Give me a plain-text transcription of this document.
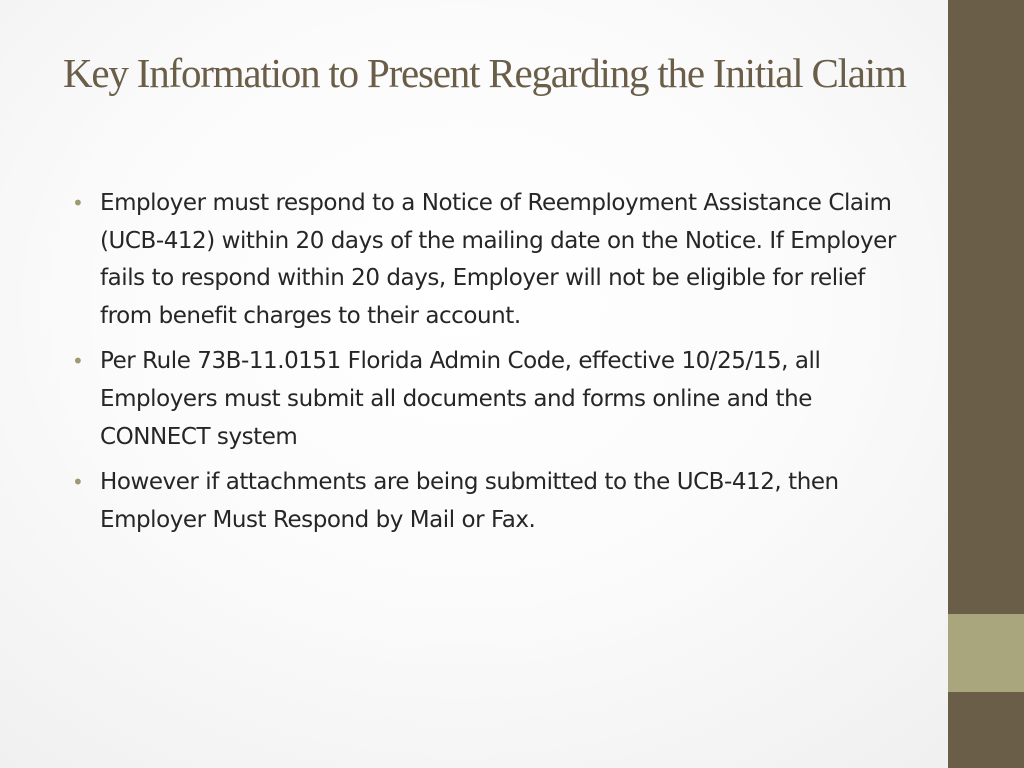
Key Information to Present Regarding the Initial Claim
• Employer must respond to a Notice of Reemployment Assistance Claim (UCB-412) within 20 days of the mailing date on the Notice. If Employer fails to respond within 20 days, Employer will not be eligible for relief from benefit charges to their account.
• Per Rule 73B-11.0151 Florida Admin Code, effective 10/25/15, all Employers must submit all documents and forms online and the CONNECT system
• However if attachments are being submitted to the UCB-412, then Employer Must Respond by Mail or Fax.
